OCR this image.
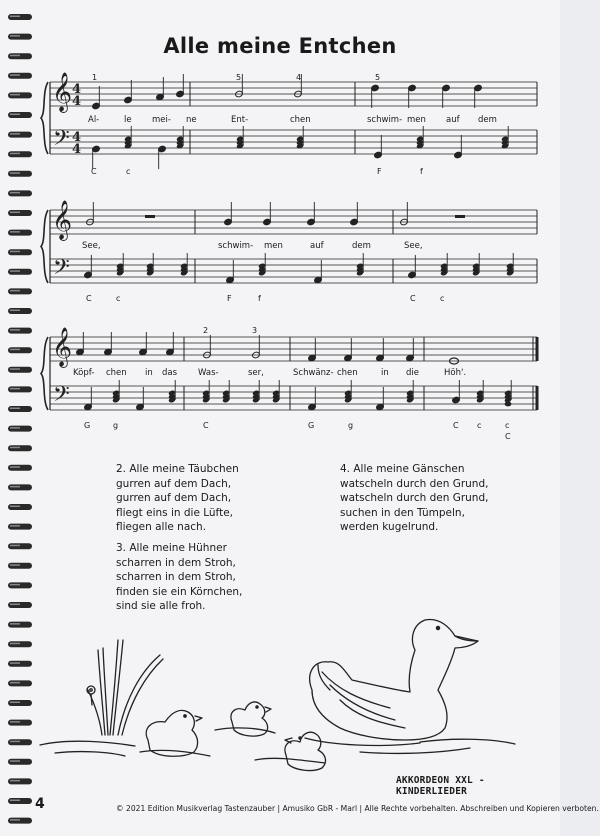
Alle meine Entchen
𝄞
𝄢
4
4
4
4
𝄞
𝄢
𝄞
𝄢
1	5	4	5
Al-	le mei- ne	Ent-	chen	schwim- men auf dem
C	c	F	f
See,	schwim- men	auf	dem	See,
C	c	F	f	C	c
2	3
Köpf- chen in das Was-	ser,	Schwänz- chen	in die	Höh'.
G	g	C	G	g	C c	c
C

2. Alle meine Täubchen

gurren auf dem Dach,

gurren auf dem Dach,

fliegt eins in die Lüfte,

fliegen alle nach.

3. Alle meine Hühner

scharren in dem Stroh,

scharren in dem Stroh,

finden sie ein Körnchen,

sind sie alle froh.

4. Alle meine Gänschen

watscheln durch den Grund,

watscheln durch den Grund,

suchen in den Tümpeln,

werden kugelrund.

AKKORDEON XXL - KINDERLIEDER
4	© 2021 Edition Musikverlag Tastenzauber | Amusiko GbR - Marl | Alle Rechte vorbehalten. Abschreiben und Kopieren verboten.
